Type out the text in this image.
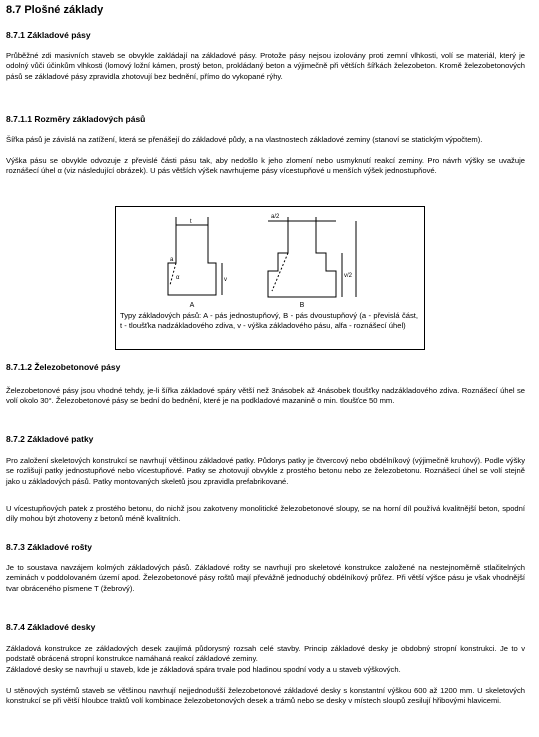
8.7 Plošné základy
8.7.1 Základové pásy
Průběžné zdi masivních staveb se obvykle zakládají na základové pásy. Protože pásy nejsou izolovány proti zemní vlhkosti, volí se materiál, který je odolný vůči účinkům vlhkosti (lomový ložní kámen, prostý beton, prokládaný beton a výjimečně při větších šířkách železobeton. Kromě železobetonových pásů se základové pásy zpravidla zhotovují bez bednění, přímo do vykopané rýhy.
8.7.1.1 Rozměry základových pásů
Šířka pásů je závislá na zatížení, která se přenášejí do základové půdy, a na vlastnostech základové zeminy (stanoví se statickým výpočtem).
Výška pásu se obvykle odvozuje z převislé části pásu tak, aby nedošlo k jeho zlomení nebo usmyknutí reakcí zeminy. Pro návrh výšky se uvažuje roznášecí úhel α (viz následující obrázek). U pás větších výšek navrhujeme pásy vícestupňové u menších výšek jednostupňové.
A	B
t
a
v
a/2
v/2
α
Typy základových pásů: A - pás jednostupňový, B - pás dvoustupňový (a - převislá část, t - tloušťka nadzákladového zdiva, v - výška základového pásu, alfa - roznášecí úhel)
8.7.1.2 Železobetonové pásy
Železobetonové pásy jsou vhodné tehdy, je-li šířka základové spáry větší než 3násobek až 4násobek tloušťky nadzákladového zdiva. Roznášecí úhel se volí okolo 30°. Železobetonové pásy se bední do bednění, které je na podkladové mazanině o min. tloušťce 50 mm.
8.7.2 Základové patky
Pro založení skeletových konstrukcí se navrhují většinou základové patky. Půdorys patky je čtvercový nebo obdélníkový (výjimečně kruhový). Podle výšky se rozlišují patky jednostupňové nebo vícestupňové. Patky se zhotovují obvykle z prostého betonu nebo ze železobetonu. Roznášecí úhel se volí stejně jako u základových pásů. Patky montovaných skeletů jsou zpravidla prefabrikované.
U vícestupňových patek z prostého betonu, do nichž jsou zakotveny monolitické železobetonové sloupy, se na horní díl používá kvalitnější beton, spodní díly mohou být zhotoveny z betonů méně kvalitních.
8.7.3 Základové rošty
Je to soustava navzájem kolmých základových pásů. Základové rošty se navrhují pro skeletové konstrukce založené na nestejnoměrně stlačitelných zeminách v poddolovaném území apod. Železobetonové pásy roštů mají převážně jednoduchý obdélníkový průřez. Při větší výšce pásu je však vhodnější tvar obráceného písmene T (žebrový).
8.7.4 Základové desky
Základová konstrukce ze základových desek zaujímá půdorysný rozsah celé stavby. Princip základové desky je obdobný stropní konstrukci. Je to v podstatě obrácená stropní konstrukce namáhaná reakcí základové zeminy.
Základové desky se navrhují u staveb, kde je základová spára trvale pod hladinou spodní vody a u staveb výškových.
U stěnových systémů staveb se většinou navrhují nejjednodušší železobetonové základové desky s konstantní výškou 600 až 1200 mm. U skeletových konstrukcí se při větší hloubce traktů volí kombinace železobetonových desek a trámů nebo se desky v místech sloupů zesilují hřibovými hlavicemi.
